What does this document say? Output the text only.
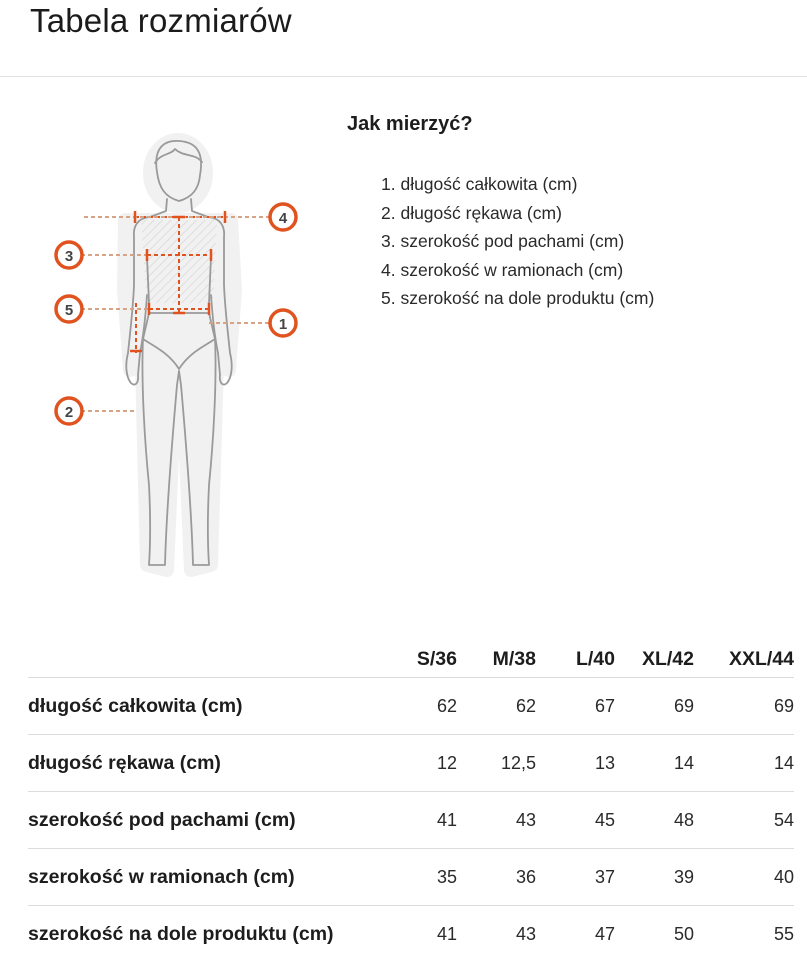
Tabela rozmiarów
4
3
5
1
2
Jak mierzyć?
1. długość całkowita (cm)
2. długość rękawa (cm)
3. szerokość pod pachami (cm)
4. szerokość w ramionach (cm)
5. szerokość na dole produktu (cm)
	S/36	M/38	L/40	XL/42	XXL/44
długość całkowita (cm)	62	62	67	69	69
długość rękawa (cm)	12	12,5	13	14	14
szerokość pod pachami (cm)	41	43	45	48	54
szerokość w ramionach (cm)	35	36	37	39	40
szerokość na dole produktu (cm)	41	43	47	50	55
